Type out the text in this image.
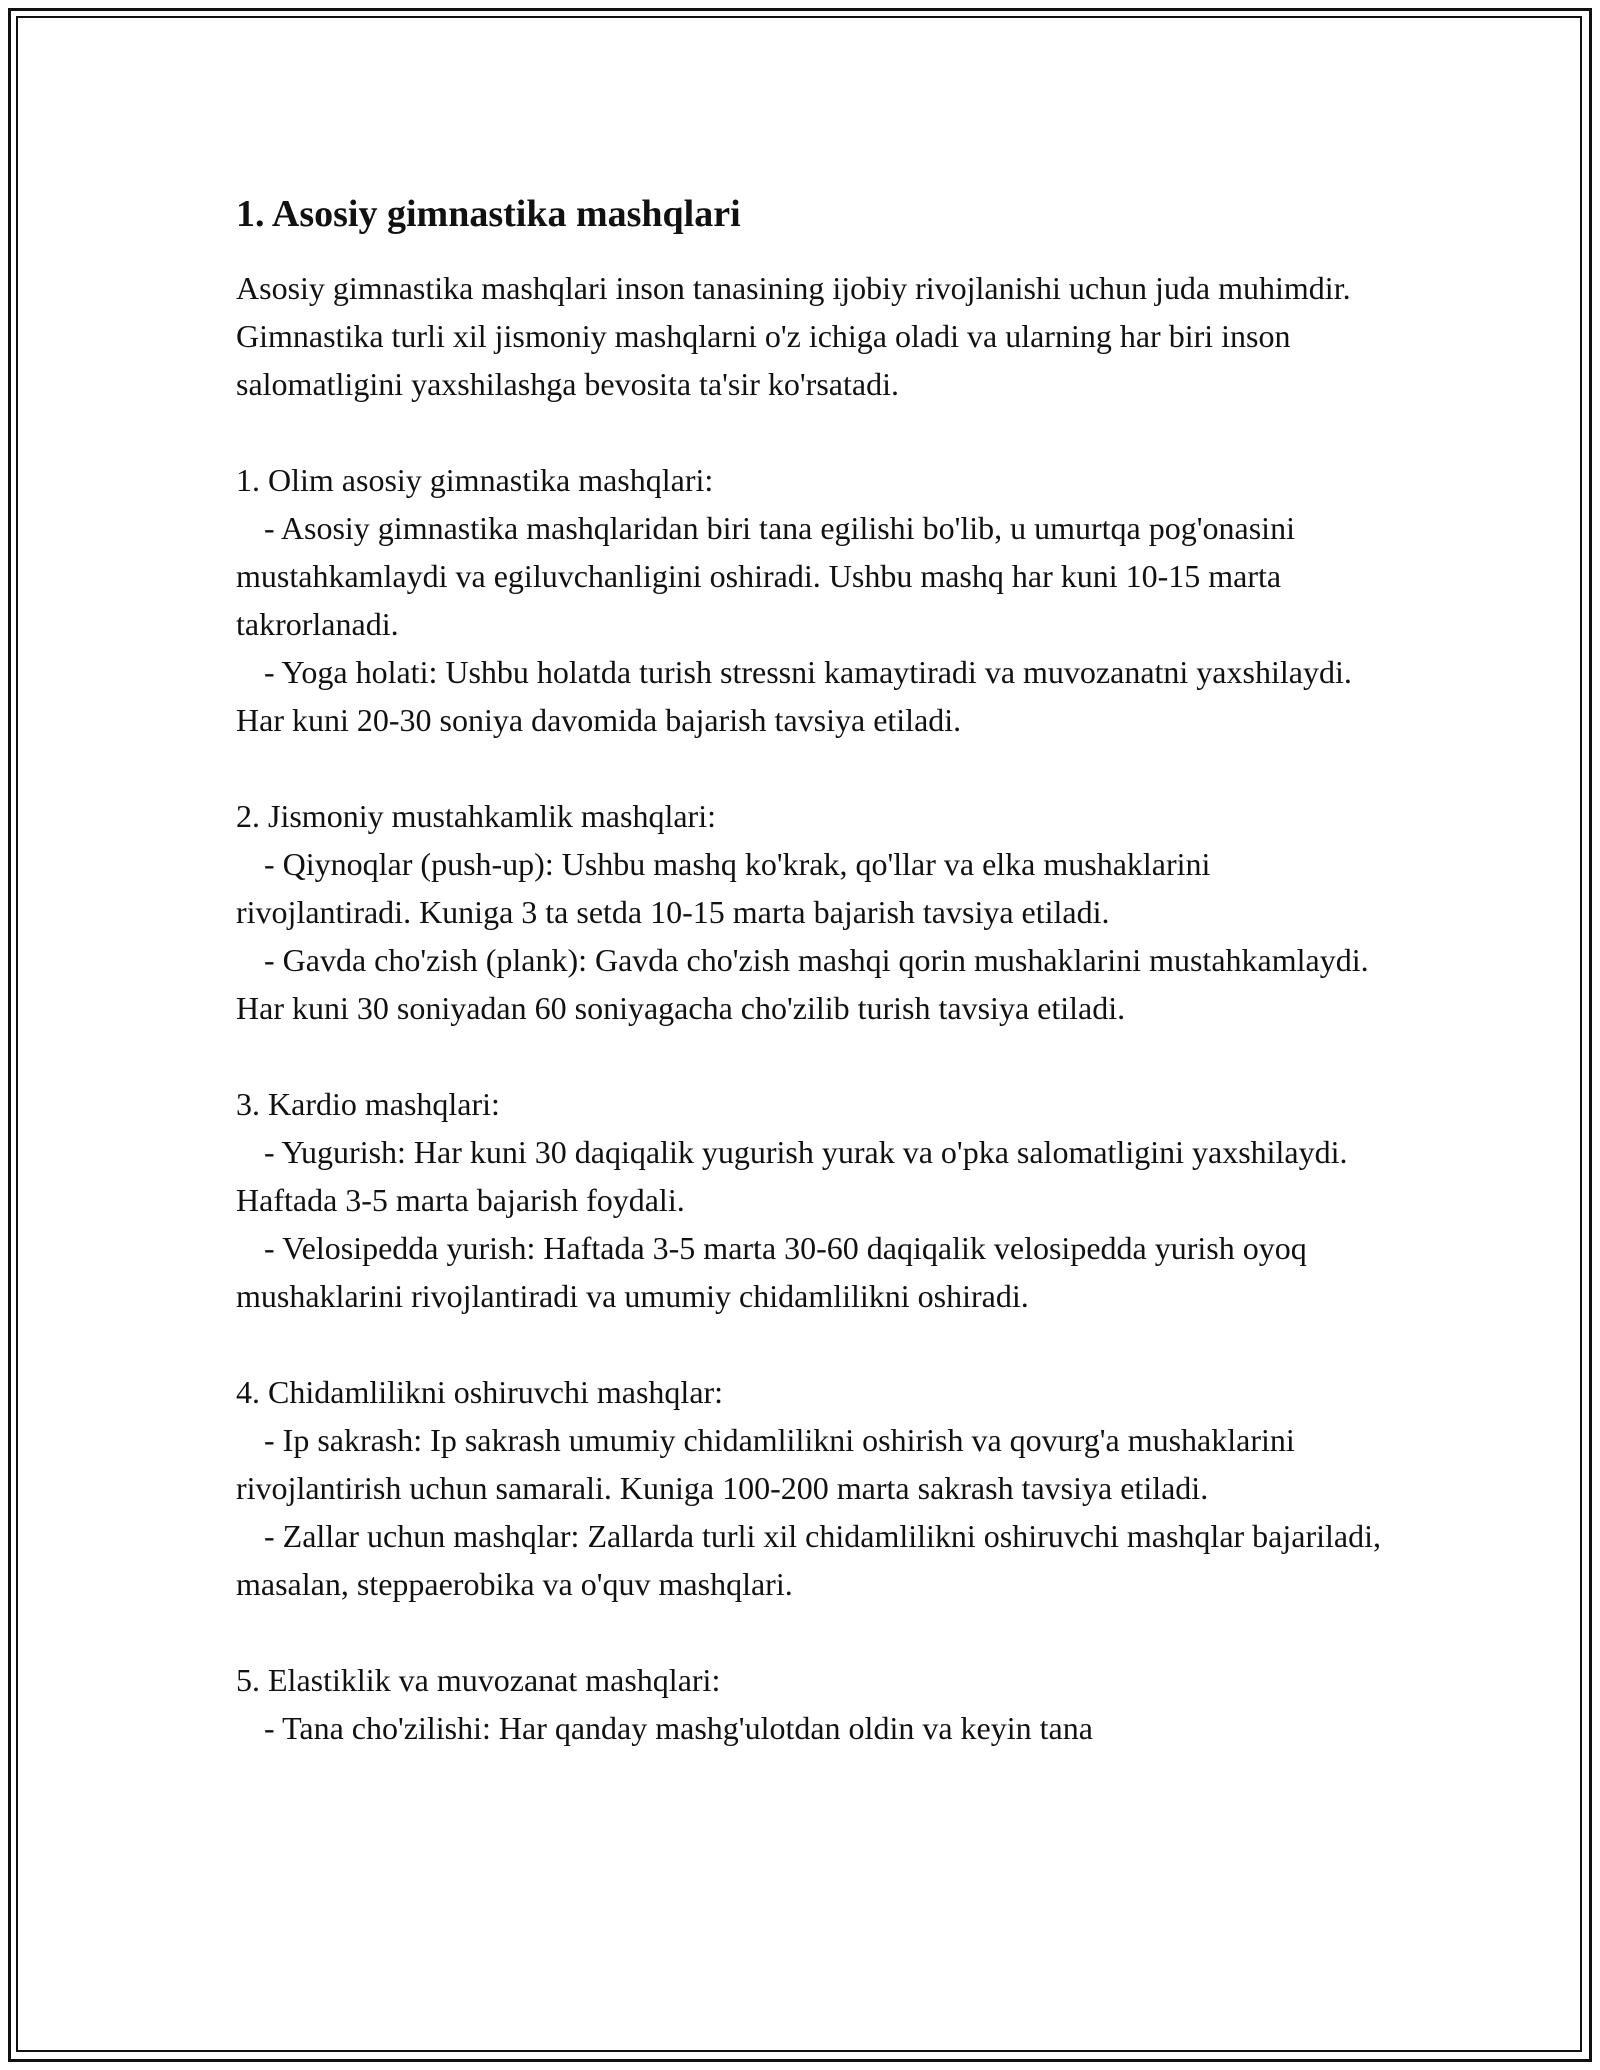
1. Asosiy gimnastika mashqlari

Asosiy gimnastika mashqlari inson tanasining ijobiy rivojlanishi uchun juda muhimdir. Gimnastika turli xil jismoniy mashqlarni o'z ichiga oladi va ularning har biri inson salomatligini yaxshilashga bevosita ta'sir ko'rsatadi.

1. Olim asosiy gimnastika mashqlari:

- Asosiy gimnastika mashqlaridan biri tana egilishi bo'lib, u umurtqa pog'onasini mustahkamlaydi va egiluvchanligini oshiradi. Ushbu mashq har kuni 10-15 marta takrorlanadi.

- Yoga holati: Ushbu holatda turish stressni kamaytiradi va muvozanatni yaxshilaydi. Har kuni 20-30 soniya davomida bajarish tavsiya etiladi.

2. Jismoniy mustahkamlik mashqlari:

- Qiynoqlar (push-up): Ushbu mashq ko'krak, qo'llar va elka mushaklarini rivojlantiradi. Kuniga 3 ta setda 10-15 marta bajarish tavsiya etiladi.

- Gavda cho'zish (plank): Gavda cho'zish mashqi qorin mushaklarini mustahkamlaydi. Har kuni 30 soniyadan 60 soniyagacha cho'zilib turish tavsiya etiladi.

3. Kardio mashqlari:

- Yugurish: Har kuni 30 daqiqalik yugurish yurak va o'pka salomatligini yaxshilaydi. Haftada 3-5 marta bajarish foydali.

- Velosipedda yurish: Haftada 3-5 marta 30-60 daqiqalik velosipedda yurish oyoq mushaklarini rivojlantiradi va umumiy chidamlilikni oshiradi.

4. Chidamlilikni oshiruvchi mashqlar:

- Ip sakrash: Ip sakrash umumiy chidamlilikni oshirish va qovurg'a mushaklarini rivojlantirish uchun samarali. Kuniga 100-200 marta sakrash tavsiya etiladi.

- Zallar uchun mashqlar: Zallarda turli xil chidamlilikni oshiruvchi mashqlar bajariladi, masalan, steppaerobika va o'quv mashqlari.

5. Elastiklik va muvozanat mashqlari:

- Tana cho'zilishi: Har qanday mashg'ulotdan oldin va keyin tana
